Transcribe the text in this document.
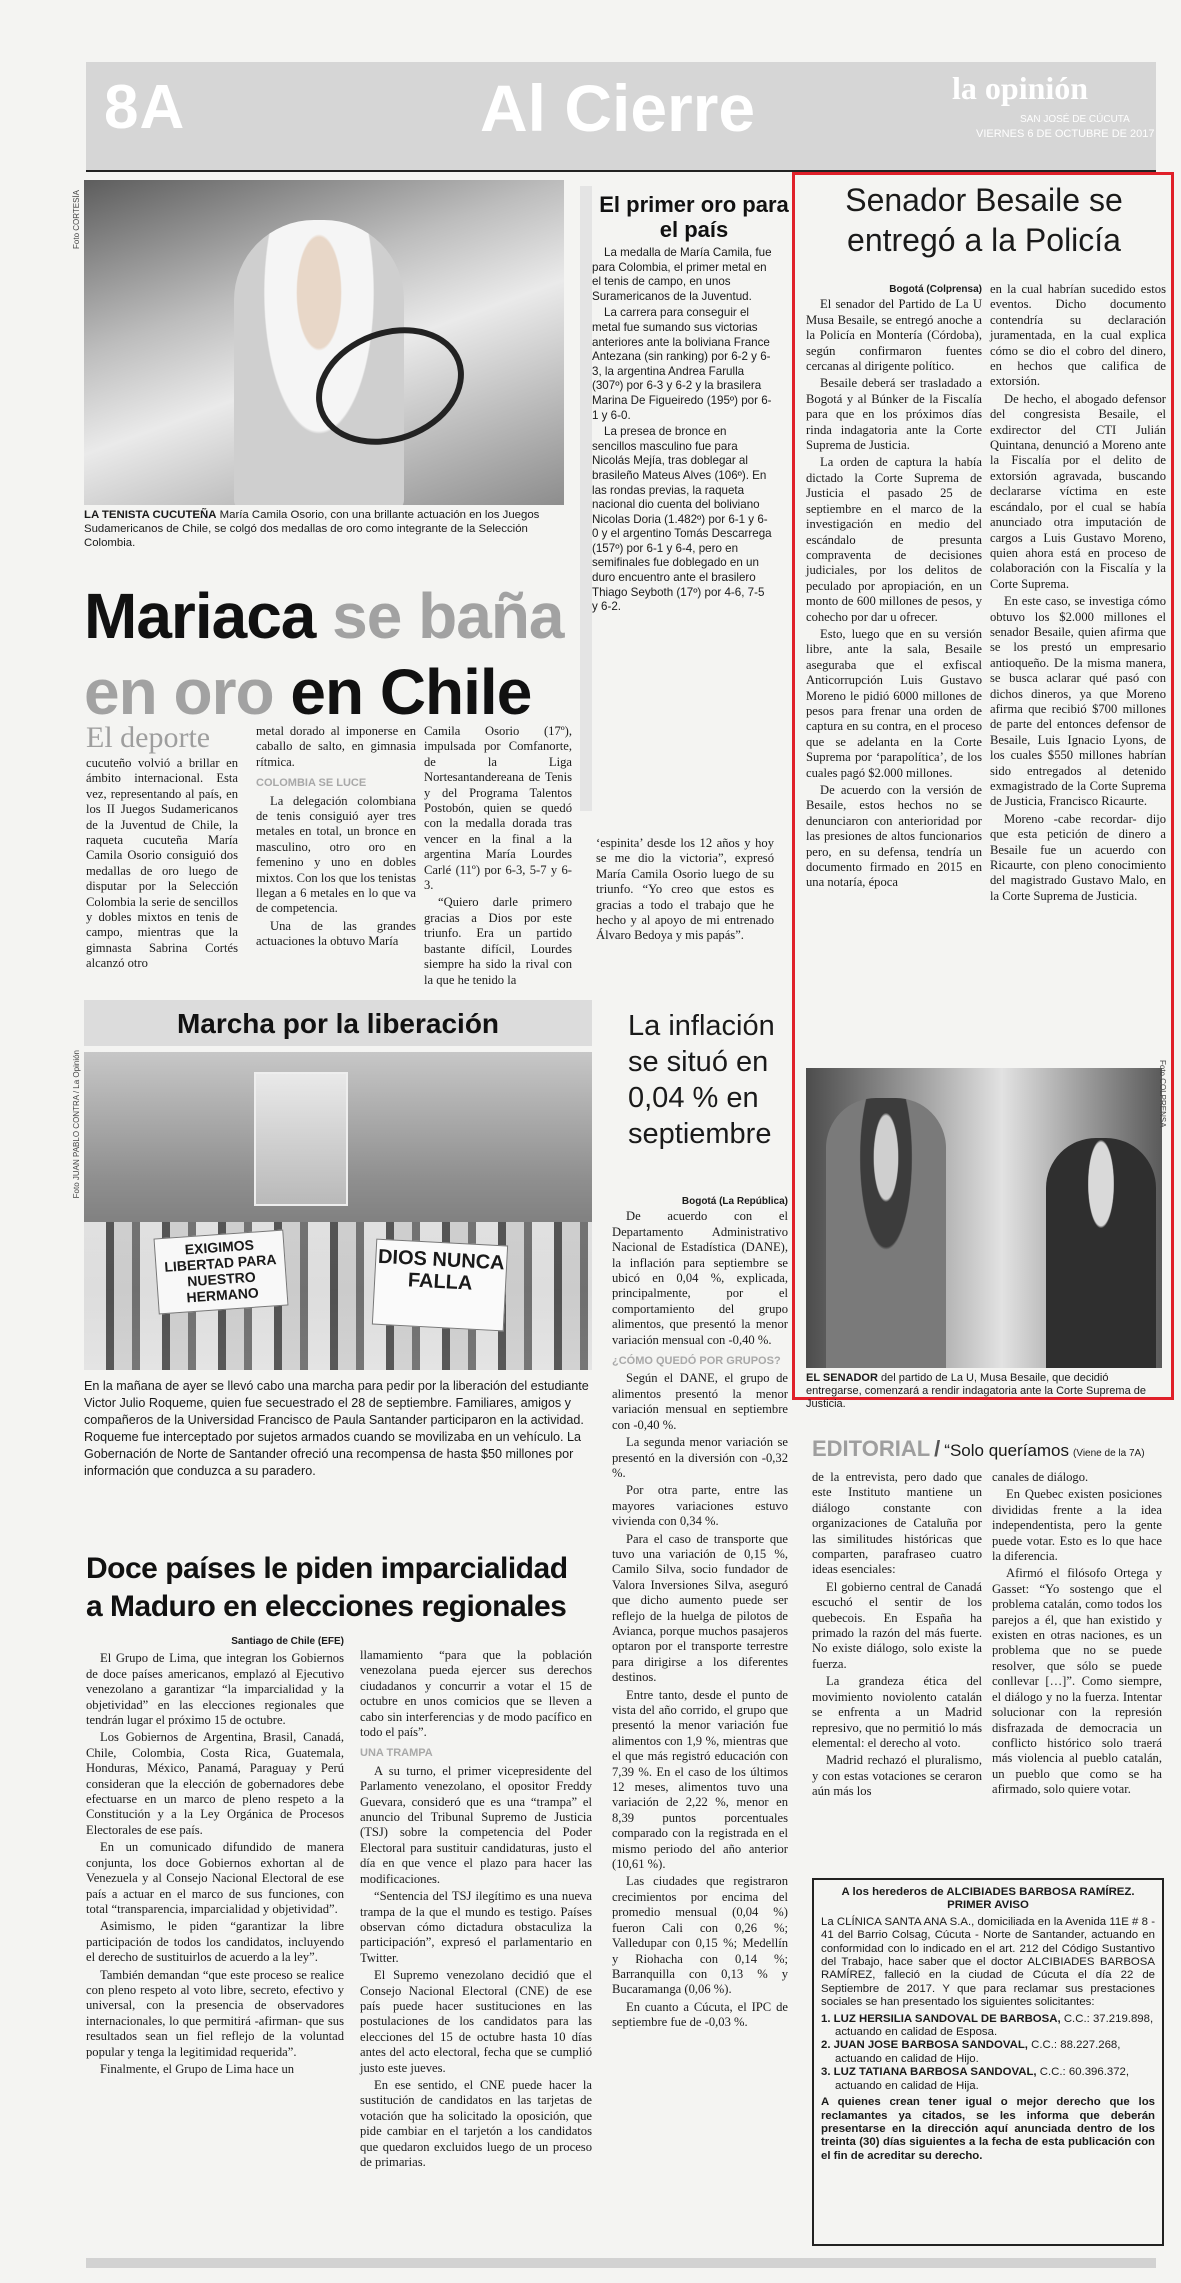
8A	Al Cierre	la opinión
SAN JOSÉ DE CÚCUTA
VIERNES 6 DE OCTUBRE DE 2017
Foto CORTESÍA
LA TENISTA CUCUTEÑA María Camila Osorio, con una brillante actuación en los Juegos Sudamericanos de Chile, se colgó dos medallas de oro como integrante de la Selección Colombia.
El primer oro para el país

La medalla de María Camila, fue para Colombia, el primer metal en el tenis de campo, en unos Suramericanos de la Juventud.

La carrera para conseguir el metal fue sumando sus victorias anteriores ante la boliviana France Antezana (sin ranking) por 6-2 y 6-3, la argentina Andrea Farulla (307º) por 6-3 y 6-2 y la brasilera Marina De Figueiredo (195º) por 6-1 y 6-0.

La presea de bronce en sencillos masculino fue para Nicolás Mejía, tras doblegar al brasileño Mateus Alves (106º). En las rondas previas, la raqueta nacional dio cuenta del boliviano Nicolas Doria (1.482º) por 6-1 y 6-0 y el argentino Tomás Descarrega (157º) por 6-1 y 6-4, pero en semifinales fue doblegado en un duro encuentro ante el brasilero Thiago Seyboth (17º) por 4-6, 7-5 y 6-2.

Mariaca se baña
en oro en Chile
El deporte

cucuteño volvió a brillar en ámbito internacional. Esta vez, representando al país, en los II Juegos Sudamericanos de la Juventud de Chile, la raqueta cucuteña María Camila Osorio consiguió dos medallas de oro luego de disputar por la Selección Colombia la serie de sencillos y dobles mixtos en tenis de campo, mientras que la gimnasta Sabrina Cortés alcanzó otro

metal dorado al imponerse en caballo de salto, en gimnasia rítmica.

COLOMBIA SE LUCE

La delegación colombiana de tenis consiguió ayer tres metales en total, un bronce en masculino, otro oro en femenino y uno en dobles mixtos. Con los que los tenistas llegan a 6 metales en lo que va de competencia.

Una de las grandes actuaciones la obtuvo María

Camila Osorio (17º), impulsada por Comfanorte, de la Liga Nortesantandereana de Tenis y del Programa Talentos Postobón, quien se quedó con la medalla dorada tras vencer en la final a la argentina María Lourdes Carlé (11º) por 6-3, 5-7 y 6-3.

“Quiero darle primero gracias a Dios por este triunfo. Era un partido bastante difícil, Lourdes siempre ha sido la rival con la que he tenido la

‘espinita’ desde los 12 años y hoy se me dio la victoria”, expresó María Camila Osorio luego de su triunfo. “Yo creo que estos es gracias a todo el trabajo que he hecho y al apoyo de mi entrenado Álvaro Bedoya y mis papás”.

Marcha por la liberación
Foto JUAN PABLO CONTRA / La Opinión
EXIGIMOS LIBERTAD PARA NUESTRO HERMANO
DIOS NUNCA FALLA
En la mañana de ayer se llevó cabo una marcha para pedir por la liberación del estudiante Victor Julio Roqueme, quien fue secuestrado el 28 de septiembre. Familiares, amigos y compañeros de la Universidad Francisco de Paula Santander participaron en la actividad. Roqueme fue interceptado por sujetos armados cuando se movilizaba en un vehículo. La Gobernación de Norte de Santander ofreció una recompensa de hasta $50 millones por información que conduzca a su paradero.
La inflación se situó en 0,04 % en septiembre
Bogotá (La República)

De acuerdo con el Departamento Administrativo Nacional de Estadística (DANE), la inflación para septiembre se ubicó en 0,04 %, explicada, principalmente, por el comportamiento del grupo alimentos, que presentó la menor variación mensual con -0,40 %.

¿CÓMO QUEDÓ POR GRUPOS?

Según el DANE, el grupo de alimentos presentó la menor variación mensual en septiembre con -0,40 %.

La segunda menor variación se presentó en la diversión con -0,32 %.

Por otra parte, entre las mayores variaciones estuvo vivienda con 0,34 %.

Para el caso de transporte que tuvo una variación de 0,15 %, Camilo Silva, socio fundador de Valora Inversiones Silva, aseguró que dicho aumento puede ser reflejo de la huelga de pilotos de Avianca, porque muchos pasajeros optaron por el transporte terrestre para dirigirse a los diferentes destinos.

Entre tanto, desde el punto de vista del año corrido, el grupo que presentó la menor variación fue alimentos con 1,9 %, mientras que el que más registró educación con 7,39 %. En el caso de los últimos 12 meses, alimentos tuvo una variación de 2,22 %, menor en 8,39 puntos porcentuales comparado con la registrada en el mismo periodo del año anterior (10,61 %).

Las ciudades que registraron crecimientos por encima del promedio mensual (0,04 %) fueron Cali con 0,26 %; Valledupar con 0,15 %; Medellín y Riohacha con 0,14 %; Barranquilla con 0,13 % y Bucaramanga (0,06 %).

En cuanto a Cúcuta, el IPC de septiembre fue de -0,03 %.

Doce países le piden imparcialidad
a Maduro en elecciones regionales
Santiago de Chile (EFE)

El Grupo de Lima, que integran los Gobiernos de doce países americanos, emplazó al Ejecutivo venezolano a garantizar “la imparcialidad y la objetividad” en las elecciones regionales que tendrán lugar el próximo 15 de octubre.

Los Gobiernos de Argentina, Brasil, Canadá, Chile, Colombia, Costa Rica, Guatemala, Honduras, México, Panamá, Paraguay y Perú consideran que la elección de gobernadores debe efectuarse en un marco de pleno respeto a la Constitución y a la Ley Orgánica de Procesos Electorales de ese país.

En un comunicado difundido de manera conjunta, los doce Gobiernos exhortan al de Venezuela y al Consejo Nacional Electoral de ese país a actuar en el marco de sus funciones, con total “transparencia, imparcialidad y objetividad”.

Asimismo, le piden “garantizar la libre participación de todos los candidatos, incluyendo el derecho de sustituirlos de acuerdo a la ley”.

También demandan “que este proceso se realice con pleno respeto al voto libre, secreto, efectivo y universal, con la presencia de observadores internacionales, lo que permitirá -afirman- que sus resultados sean un fiel reflejo de la voluntad popular y tenga la legitimidad requerida”.

Finalmente, el Grupo de Lima hace un

llamamiento “para que la población venezolana pueda ejercer sus derechos ciudadanos y concurrir a votar el 15 de octubre en unos comicios que se lleven a cabo sin interferencias y de modo pacífico en todo el país”.

UNA TRAMPA

A su turno, el primer vicepresidente del Parlamento venezolano, el opositor Freddy Guevara, consideró que es una “trampa” el anuncio del Tribunal Supremo de Justicia (TSJ) sobre la competencia del Poder Electoral para sustituir candidaturas, justo el día en que vence el plazo para hacer las modificaciones.

“Sentencia del TSJ ilegítimo es una nueva trampa de la que el mundo es testigo. Países observan cómo dictadura obstaculiza la participación”, expresó el parlamentario en Twitter.

El Supremo venezolano decidió que el Consejo Nacional Electoral (CNE) de ese país puede hacer sustituciones en las postulaciones de los candidatos para las elecciones del 15 de octubre hasta 10 días antes del acto electoral, fecha que se cumplió justo este jueves.

En ese sentido, el CNE puede hacer la sustitución de candidatos en las tarjetas de votación que ha solicitado la oposición, que pide cambiar en el tarjetón a los candidatos que quedaron excluidos luego de un proceso de primarias.

Senador Besaile se entregó a la Policía
Bogotá (Colprensa)

El senador del Partido de La U Musa Besaile, se entregó anoche a la Policía en Montería (Córdoba), según confirmaron fuentes cercanas al dirigente político.

Besaile deberá ser trasladado a Bogotá y al Búnker de la Fiscalía para que en los próximos días rinda indagatoria ante la Corte Suprema de Justicia.

La orden de captura la había dictado la Corte Suprema de Justicia el pasado 25 de septiembre en el marco de la investigación en medio del escándalo de presunta compraventa de decisiones judiciales, por los delitos de peculado por apropiación, en un monto de 600 millones de pesos, y cohecho por dar u ofrecer.

Esto, luego que en su versión libre, ante la sala, Besaile aseguraba que el exfiscal Anticorrupción Luis Gustavo Moreno le pidió 6000 millones de pesos para frenar una orden de captura en su contra, en el proceso que se adelanta en la Corte Suprema por ‘parapolítica’, de los cuales pagó $2.000 millones.

De acuerdo con la versión de Besaile, estos hechos no se denunciaron con anterioridad por las presiones de altos funcionarios pero, en su defensa, tendría un documento firmado en 2015 en una notaría, época

en la cual habrían sucedido estos eventos. Dicho documento contendría su declaración juramentada, en la cual explica cómo se dio el cobro del dinero, en hechos que califica de extorsión.

De hecho, el abogado defensor del congresista Besaile, el exdirector del CTI Julián Quintana, denunció a Moreno ante la Fiscalía por el delito de extorsión agravada, buscando declararse víctima en este escándalo, por el cual se había anunciado otra imputación de cargos a Luis Gustavo Moreno, quien ahora está en proceso de colaboración con la Fiscalía y la Corte Suprema.

En este caso, se investiga cómo obtuvo los $2.000 millones el senador Besaile, quien afirma que se los prestó un empresario antioqueño. De la misma manera, se busca aclarar qué pasó con dichos dineros, ya que Moreno afirma que recibió $700 millones de parte del entonces defensor de Besaile, Luis Ignacio Lyons, de los cuales $550 millones habrían sido entregados al detenido exmagistrado de la Corte Suprema de Justicia, Francisco Ricaurte.

Moreno -cabe recordar- dijo que esta petición de dinero a Besaile fue un acuerdo con Ricaurte, con pleno conocimiento del magistrado Gustavo Malo, en la Corte Suprema de Justicia.

Foto COLPRENSA
EL SENADOR del partido de La U, Musa Besaile, que decidió entregarse, comenzará a rendir indagatoria ante la Corte Suprema de Justicia.
EDITORIAL / “Solo queríamos (Viene de la 7A)

de la entrevista, pero dado que este Instituto mantiene un diálogo constante con organizaciones de Cataluña por las similitudes históricas que comparten, parafraseo cuatro ideas esenciales:

El gobierno central de Canadá escuchó el sentir de los quebecois. En España ha primado la razón del más fuerte. No existe diálogo, solo existe la fuerza.

La grandeza ética del movimiento noviolento catalán se enfrenta a un Madrid represivo, que no permitió lo más elemental: el derecho al voto.

Madrid rechazó el pluralismo, y con estas votaciones se ceraron aún más los

canales de diálogo.

En Quebec existen posiciones divididas frente a la idea independentista, pero la gente puede votar. Esto es lo que hace la diferencia.

Afirmó el filósofo Ortega y Gasset: “Yo sostengo que el problema catalán, como todos los parejos a él, que han existido y existen en otras naciones, es un problema que no se puede resolver, que sólo se puede conllevar […]”. Como siempre, el diálogo y no la fuerza. Intentar solucionar con la represión disfrazada de democracia un conflicto histórico solo traerá más violencia al pueblo catalán, un pueblo que como se ha afirmado, solo quiere votar.

A los herederos de ALCIBIADES BARBOSA RAMÍREZ.
PRIMER AVISO
La CLÍNICA SANTA ANA S.A., domiciliada en la Avenida 11E # 8 - 41 del Barrio Colsag, Cúcuta - Norte de Santander, actuando en conformidad con lo indicado en el art. 212 del Código Sustantivo del Trabajo, hace saber que el doctor ALCIBIADES BARBOSA RAMÍREZ, falleció en la ciudad de Cúcuta el día 22 de Septiembre de 2017. Y que para reclamar sus prestaciones sociales se han presentado los siguientes solicitantes:
1. LUZ HERSILIA SANDOVAL DE BARBOSA, C.C.: 37.219.898,
actuando en calidad de Esposa.
2. JUAN JOSE BARBOSA SANDOVAL, C.C.: 88.227.268,
actuando en calidad de Hijo.
3. LUZ TATIANA BARBOSA SANDOVAL, C.C.: 60.396.372,
actuando en calidad de Hija.
A quienes crean tener igual o mejor derecho que los reclamantes ya citados, se les informa que deberán presentarse en la dirección aquí anunciada dentro de los treinta (30) días siguientes a la fecha de esta publicación con el fin de acreditar su derecho.
